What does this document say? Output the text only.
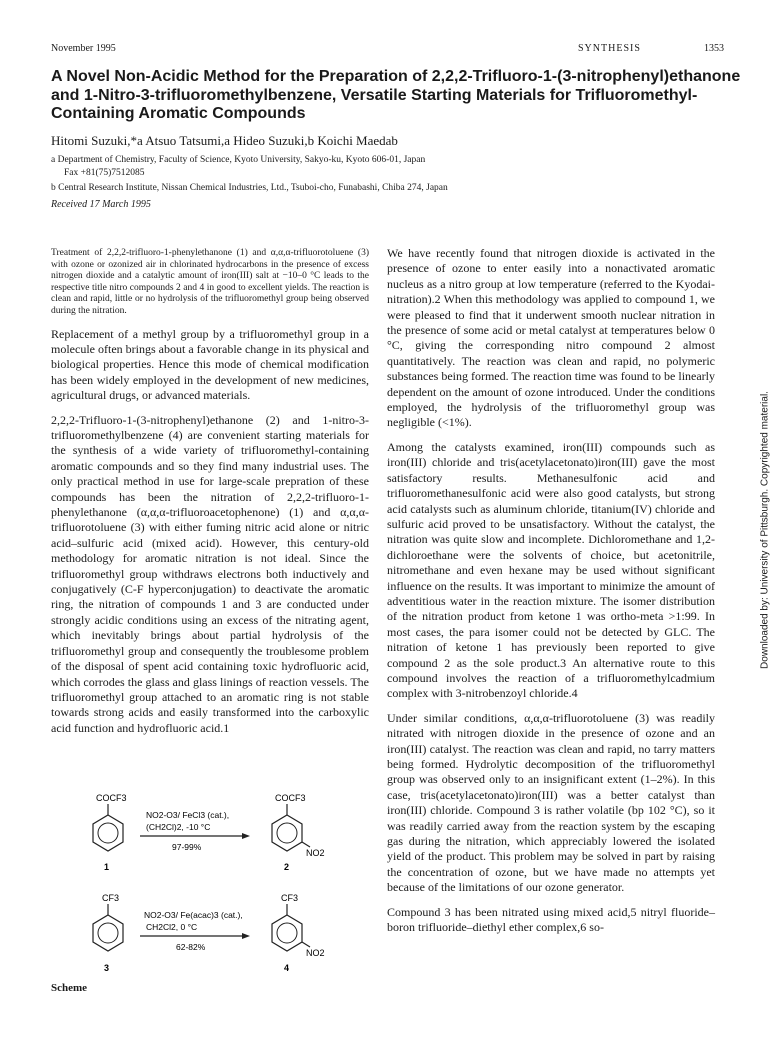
November 1995	SYNTHESIS	1353
A Novel Non-Acidic Method for the Preparation of 2,2,2-Trifluoro-1-(3-nitrophenyl)ethanone and 1-Nitro-3-trifluoromethylbenzene, Versatile Starting Materials for Trifluoromethyl-Containing Aromatic Compounds
Hitomi Suzuki,*a Atsuo Tatsumi,a Hideo Suzuki,b Koichi Maedab
a Department of Chemistry, Faculty of Science, Kyoto University, Sakyo-ku, Kyoto 606-01, Japan
Fax +81(75)7512085
b Central Research Institute, Nissan Chemical Industries, Ltd., Tsuboi-cho, Funabashi, Chiba 274, Japan
Received 17 March 1995

Treatment of 2,2,2-trifluoro-1-phenylethanone (1) and α,α,α-trifluorotoluene (3) with ozone or ozonized air in chlorinated hydrocarbons in the presence of excess nitrogen dioxide and a catalytic amount of iron(III) salt at −10–0 °C leads to the respective title nitro compounds 2 and 4 in good to excellent yields. The reaction is clean and rapid, little or no hydrolysis of the trifluoromethyl group being observed during the nitration.

Replacement of a methyl group by a trifluoromethyl group in a molecule often brings about a favorable change in its physical and biological properties. Hence this mode of chemical modification has been widely employed in the development of new medicines, agricultural drugs, or advanced materials.

2,2,2-Trifluoro-1-(3-nitrophenyl)ethanone (2) and 1-nitro-3-trifluoromethylbenzene (4) are convenient starting materials for the synthesis of a wide variety of trifluoromethyl-containing aromatic compounds and so they find many industrial uses. The only practical method in use for large-scale prepration of these compounds has been the nitration of 2,2,2-trifluoro-1-phenylethanone (α,α,α-trifluoroacetophenone) (1) and α,α,α-trifluorotoluene (3) with either fuming nitric acid alone or nitric acid–sulfuric acid (mixed acid). However, this century-old methodology for aromatic nitration is not ideal. Since the trifluoromethyl group withdraws electrons both inductively and conjugatively (C-F hyperconjugation) to deactivate the aromatic ring, the nitration of compounds 1 and 3 are conducted under strongly acidic conditions using an excess of the nitrating agent, which inevitably brings about partial hydrolysis of the trifluoromethyl group and consequently the troublesome problem of the disposal of spent acid containing toxic hydrofluoric acid, which corrodes the glass and glass linings of reaction vessels. The trifluoromethyl group attached to an aromatic ring is not stable towards strong acids and easily transformed into the carboxylic acid function and hydrofluoric acid.1

COCF3
1
NO2-O3/ FeCl3 (cat.),
(CH2Cl)2, -10 °C
97-99%
COCF3
NO2
2
CF3
3
NO2-O3/ Fe(acac)3 (cat.),
CH2Cl2, 0 °C
62-82%
CF3
NO2
4
Scheme

We have recently found that nitrogen dioxide is activated in the presence of ozone to enter easily into a nonactivated aromatic nucleus as a nitro group at low temperature (referred to the Kyodai-nitration).2 When this methodology was applied to compound 1, we were pleased to find that it underwent smooth nuclear nitration in the presence of some acid or metal catalyst at temperatures below 0 °C, giving the corresponding nitro compound 2 almost quantitatively. The reaction was clean and rapid, no polymeric substances being formed. The reaction time was found to be linearly dependent on the amount of ozone introduced. Under the conditions employed, the hydrolysis of the trifluoromethyl group was negligible (<1%).

Among the catalysts examined, iron(III) compounds such as iron(III) chloride and tris(acetylacetonato)iron(III) gave the most satisfactory results. Methanesulfonic acid and trifluoromethanesulfonic acid were also good catalysts, but strong acid catalysts such as aluminum chloride, titanium(IV) chloride and sulfuric acid proved to be unsatisfactory. Without the catalyst, the nitration was quite slow and incomplete. Dichloromethane and 1,2-dichloroethane were the solvents of choice, but acetonitrile, nitromethane and even hexane may be used without significant influence on the results. It was important to minimize the amount of adventitious water in the reaction mixture. The isomer distribution of the nitration product from ketone 1 was ortho-meta >1:99. In most cases, the para isomer could not be detected by GLC. The nitration of ketone 1 has previously been reported to give compound 2 as the sole product.3 An alternative route to this compound involves the reaction of a trifluoromethylcadmium complex with 3-nitrobenzoyl chloride.4

Under similar conditions, α,α,α-trifluorotoluene (3) was readily nitrated with nitrogen dioxide in the presence of ozone and an iron(III) catalyst. The reaction was clean and rapid, no tarry matters being formed. Hydrolytic decomposition of the trifluoromethyl group was observed only to an insignificant extent (1–2%). In this case, tris(acetylacetonato)iron(III) was a better catalyst than iron(III) chloride. Compound 3 is rather volatile (bp 102 °C), so it was readily carried away from the reaction system by the escaping gas during the nitration, which appreciably lowered the isolated yield of the product. This problem may be solved in part by raising the concentration of ozone, but we have made no attempts yet because of the limitations of our ozone generator.

Compound 3 has been nitrated using mixed acid,5 nitryl fluoride–boron trifluoride–diethyl ether complex,6 so-

Downloaded by: University of Pittsburgh. Copyrighted material.
